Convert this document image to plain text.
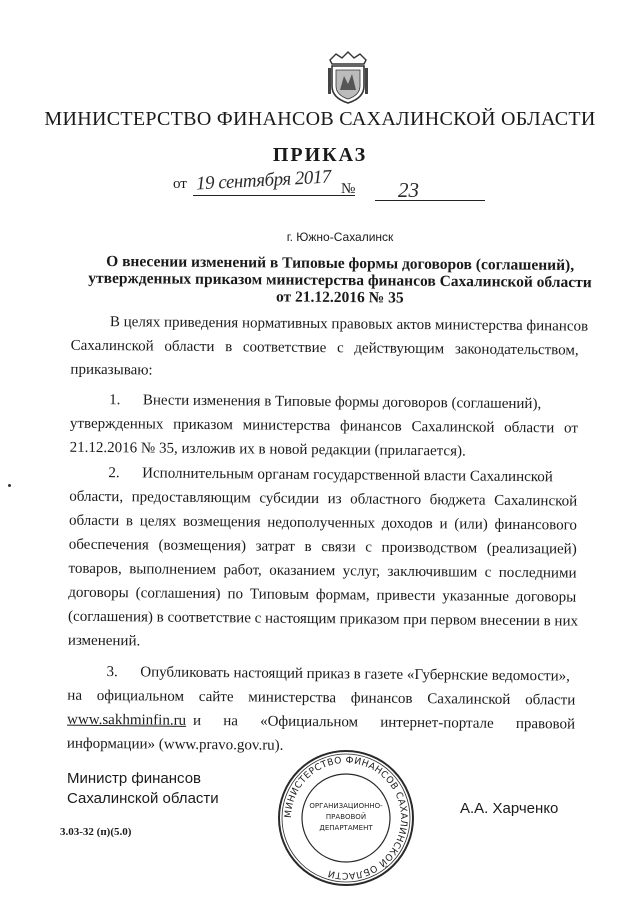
МИНИСТЕРСТВО ФИНАНСОВ САХАЛИНСКОЙ ОБЛАСТИ
ПРИКАЗ
от 19 сентября 2017 № 23
г. Южно-Сахалинск
О внесении изменений в Типовые формы договоров (соглашений),
утвержденных приказом министерства финансов Сахалинской области
от 21.12.2016 № 35
В целях приведения нормативных правовых актов министерства финансов
Сахалинской области в соответствие с действующим законодательством,
приказываю:
1.      Внести изменения в Типовые формы договоров (соглашений),
утвержденных приказом министерства финансов Сахалинской области от
21.12.2016 № 35, изложив их в новой редакции (прилагается).
2.      Исполнительным органам государственной власти Сахалинской
области, предоставляющим субсидии из областного бюджета Сахалинской
области в целях возмещения недополученных доходов и (или) финансового
обеспечения (возмещения) затрат в связи с производством (реализацией)
товаров, выполнением работ, оказанием услуг, заключившим с последними
договоры (соглашения) по Типовым формам, привести указанные договоры
(соглашения) в соответствие с настоящим приказом при первом внесении в них
изменений.
3.      Опубликовать настоящий приказ в газете «Губернские ведомости»,
на  официальном  сайте  министерства  финансов  Сахалинской  области
www.sakhminfin.ru и на «Официальном интернет-портале правовой
информации» (www.pravo.gov.ru).
Министр финансов
Сахалинской области
3.03-32 (п)(5.0)
А.А. Харченко
МИНИСТЕРСТВО ФИНАНСОВ САХАЛИНСКОЙ ОБЛАСТИ
ОРГАНИЗАЦИОННО-
ПРАВОВОЙ
ДЕПАРТАМЕНТ
